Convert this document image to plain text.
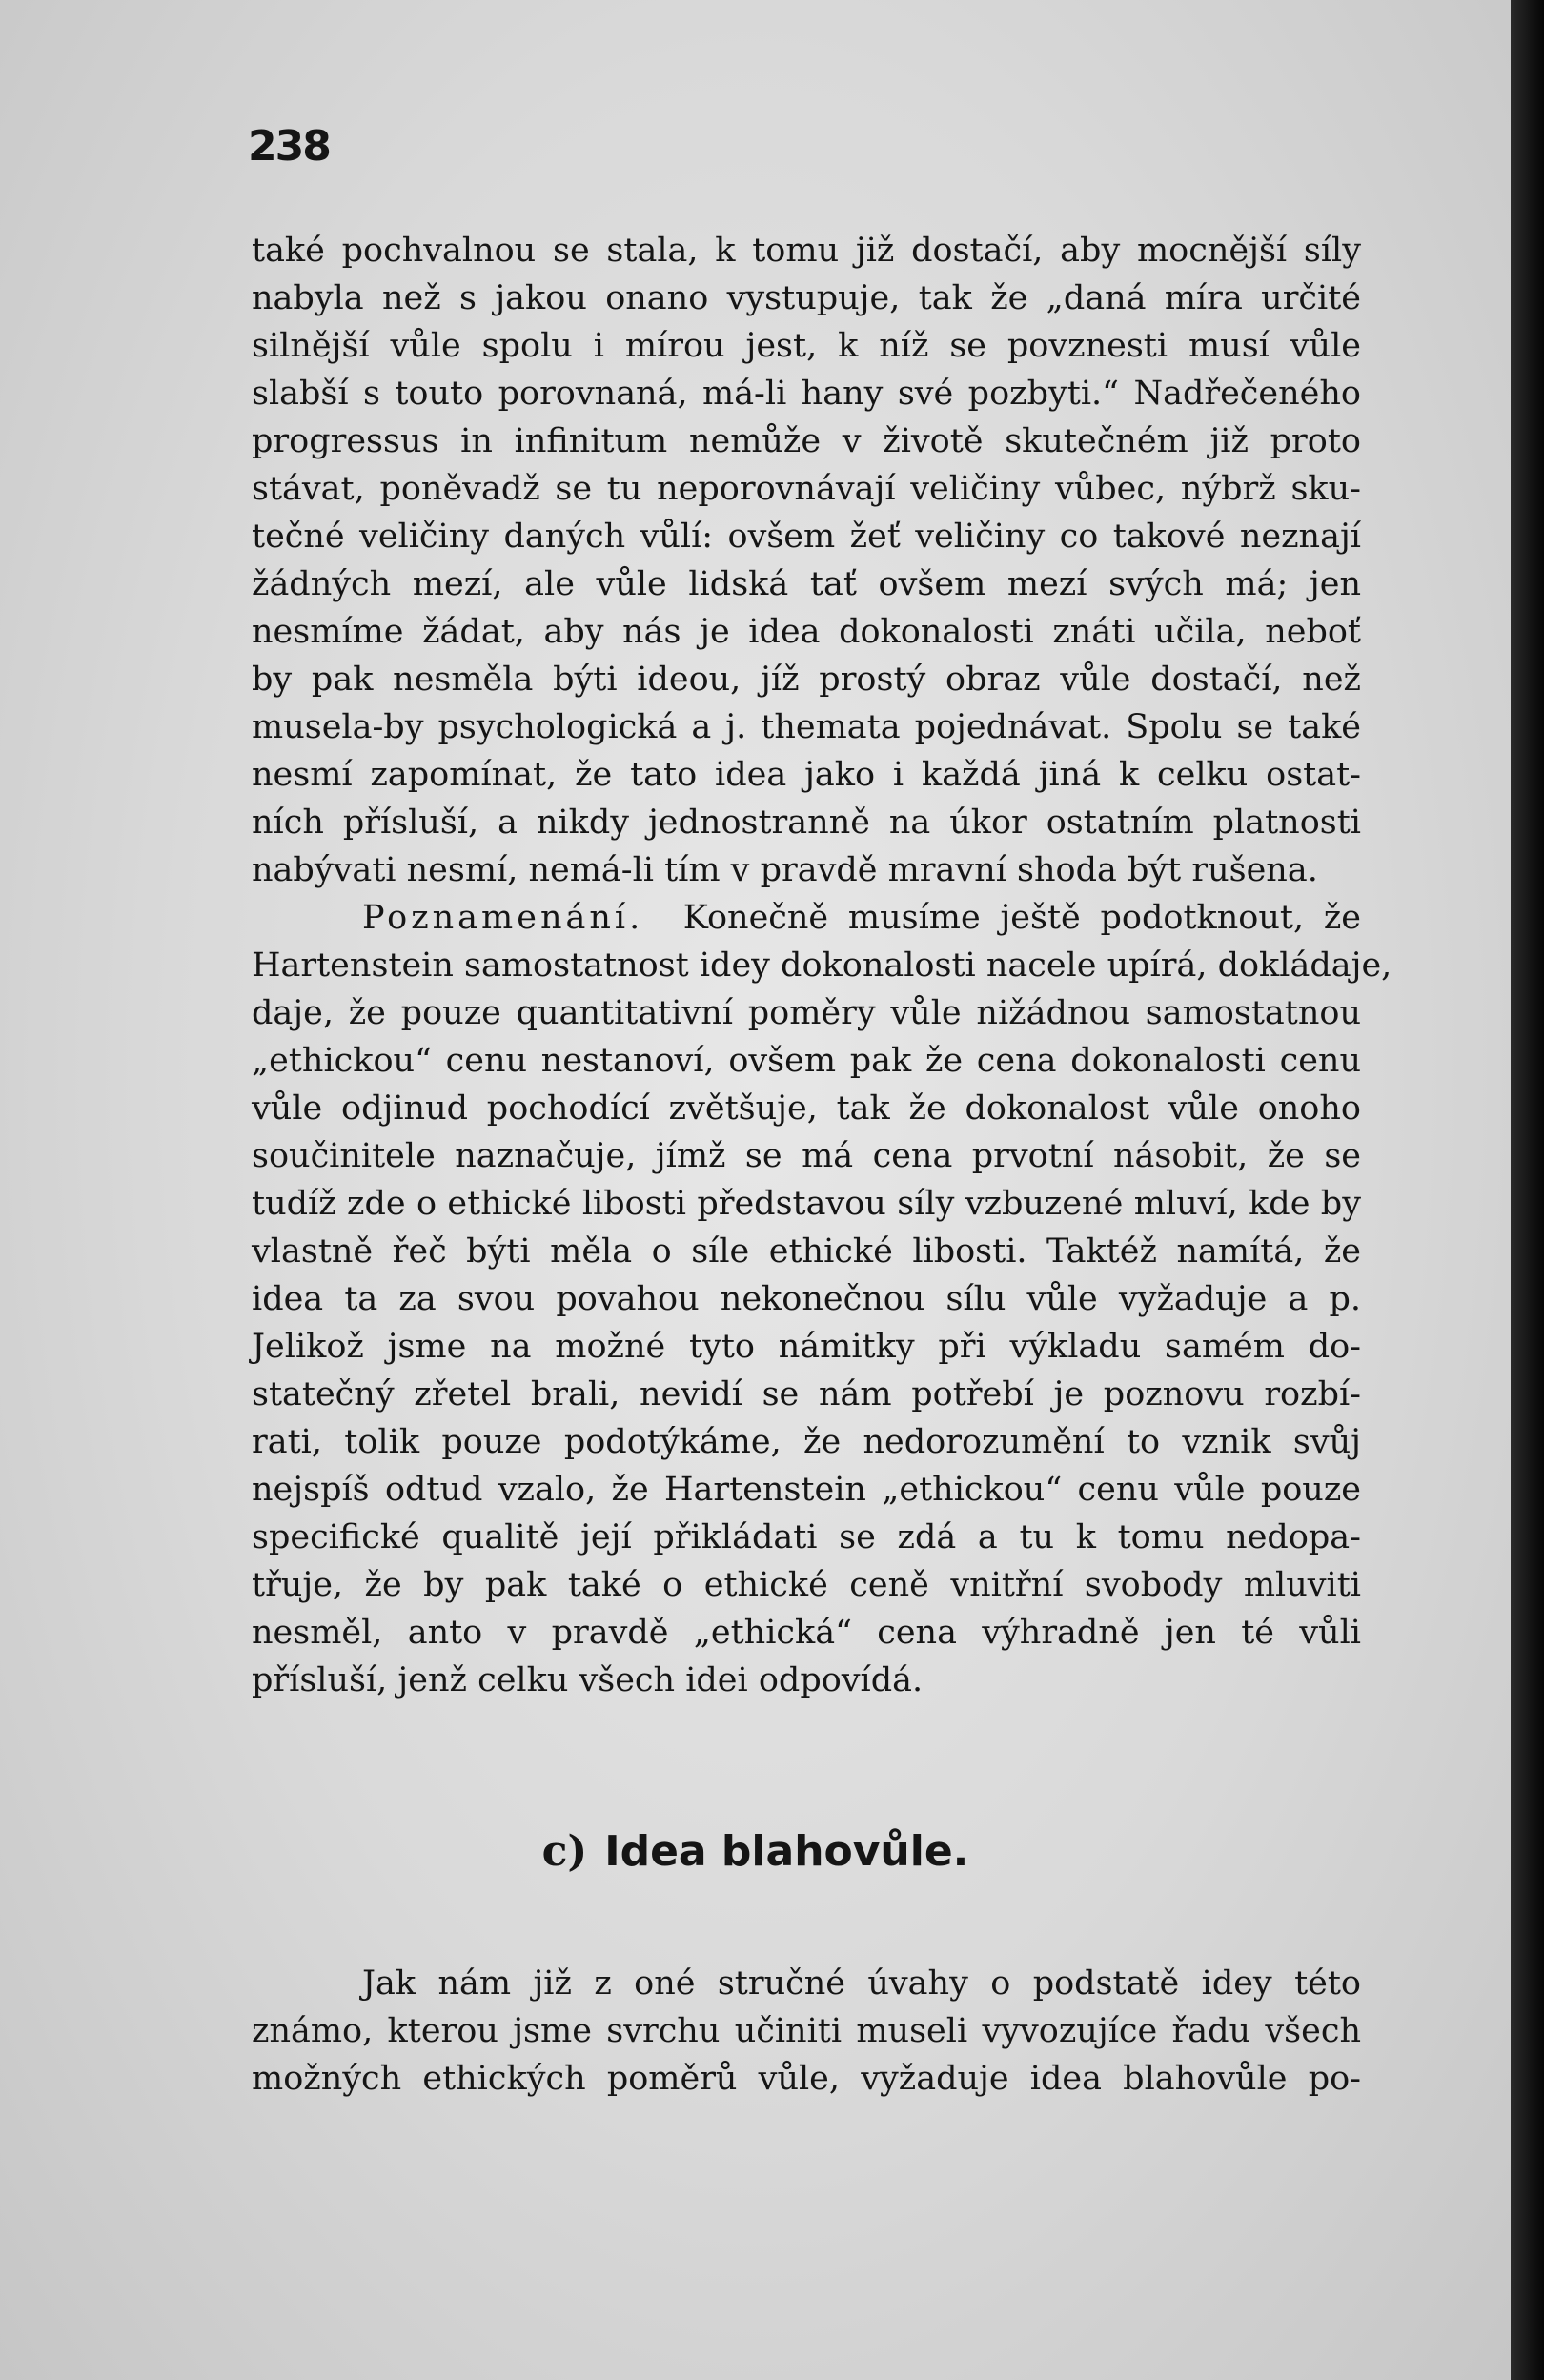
238
také pochvalnou se stala, k tomu již dostačí, aby mocnější síly
nabyla než s jakou onano vystupuje, tak že „daná míra určité
silnější vůle spolu i mírou jest, k níž se povznesti musí vůle
slabší s touto porovnaná, má-li hany své pozbyti.“ Nadřečeného
progressus in infinitum nemůže v životě skutečném již proto
stávat, poněvadž se tu neporovnávají veličiny vůbec, nýbrž sku-
tečné veličiny daných vůlí: ovšem žeť veličiny co takové neznají
žádných mezí, ale vůle lidská tať ovšem mezí svých má; jen
nesmíme žádat, aby nás je idea dokonalosti znáti učila, neboť
by pak nesměla býti ideou, jíž prostý obraz vůle dostačí, než
musela-by psychologická a j. themata pojednávat. Spolu se také
nesmí zapomínat, že tato idea jako i každá jiná k celku ostat-
ních přísluší, a nikdy jednostranně na úkor ostatním platnosti
nabývati nesmí, nemá-li tím v pravdě mravní shoda být rušena.
Poznamenání. Konečně musíme ještě podotknout, že
Hartenstein samostatnost idey dokonalosti nacele upírá, dokládaje,
daje, že pouze quantitativní poměry vůle nižádnou samostatnou
„ethickou“ cenu nestanoví, ovšem pak že cena dokonalosti cenu
vůle odjinud pochodící zvětšuje, tak že dokonalost vůle onoho
součinitele naznačuje, jímž se má cena prvotní násobit, že se
tudíž zde o ethické libosti představou síly vzbuzené mluví, kde by
vlastně řeč býti měla o síle ethické libosti. Taktéž namítá, že
idea ta za svou povahou nekonečnou sílu vůle vyžaduje a p.
Jelikož jsme na možné tyto námitky při výkladu samém do-
statečný zřetel brali, nevidí se nám potřebí je poznovu rozbí-
rati, tolik pouze podotýkáme, že nedorozumění to vznik svůj
nejspíš odtud vzalo, že Hartenstein „ethickou“ cenu vůle pouze
specifické qualitě její přikládati se zdá a tu k tomu nedopa-
třuje, že by pak také o ethické ceně vnitřní svobody mluviti
nesměl, anto v pravdě „ethická“ cena výhradně jen té vůli
přísluší, jenž celku všech idei odpovídá.
c) Idea blahovůle.
Jak nám již z oné stručné úvahy o podstatě idey této
známo, kterou jsme svrchu učiniti museli vyvozujíce řadu všech
možných ethických poměrů vůle, vyžaduje idea blahovůle po-
